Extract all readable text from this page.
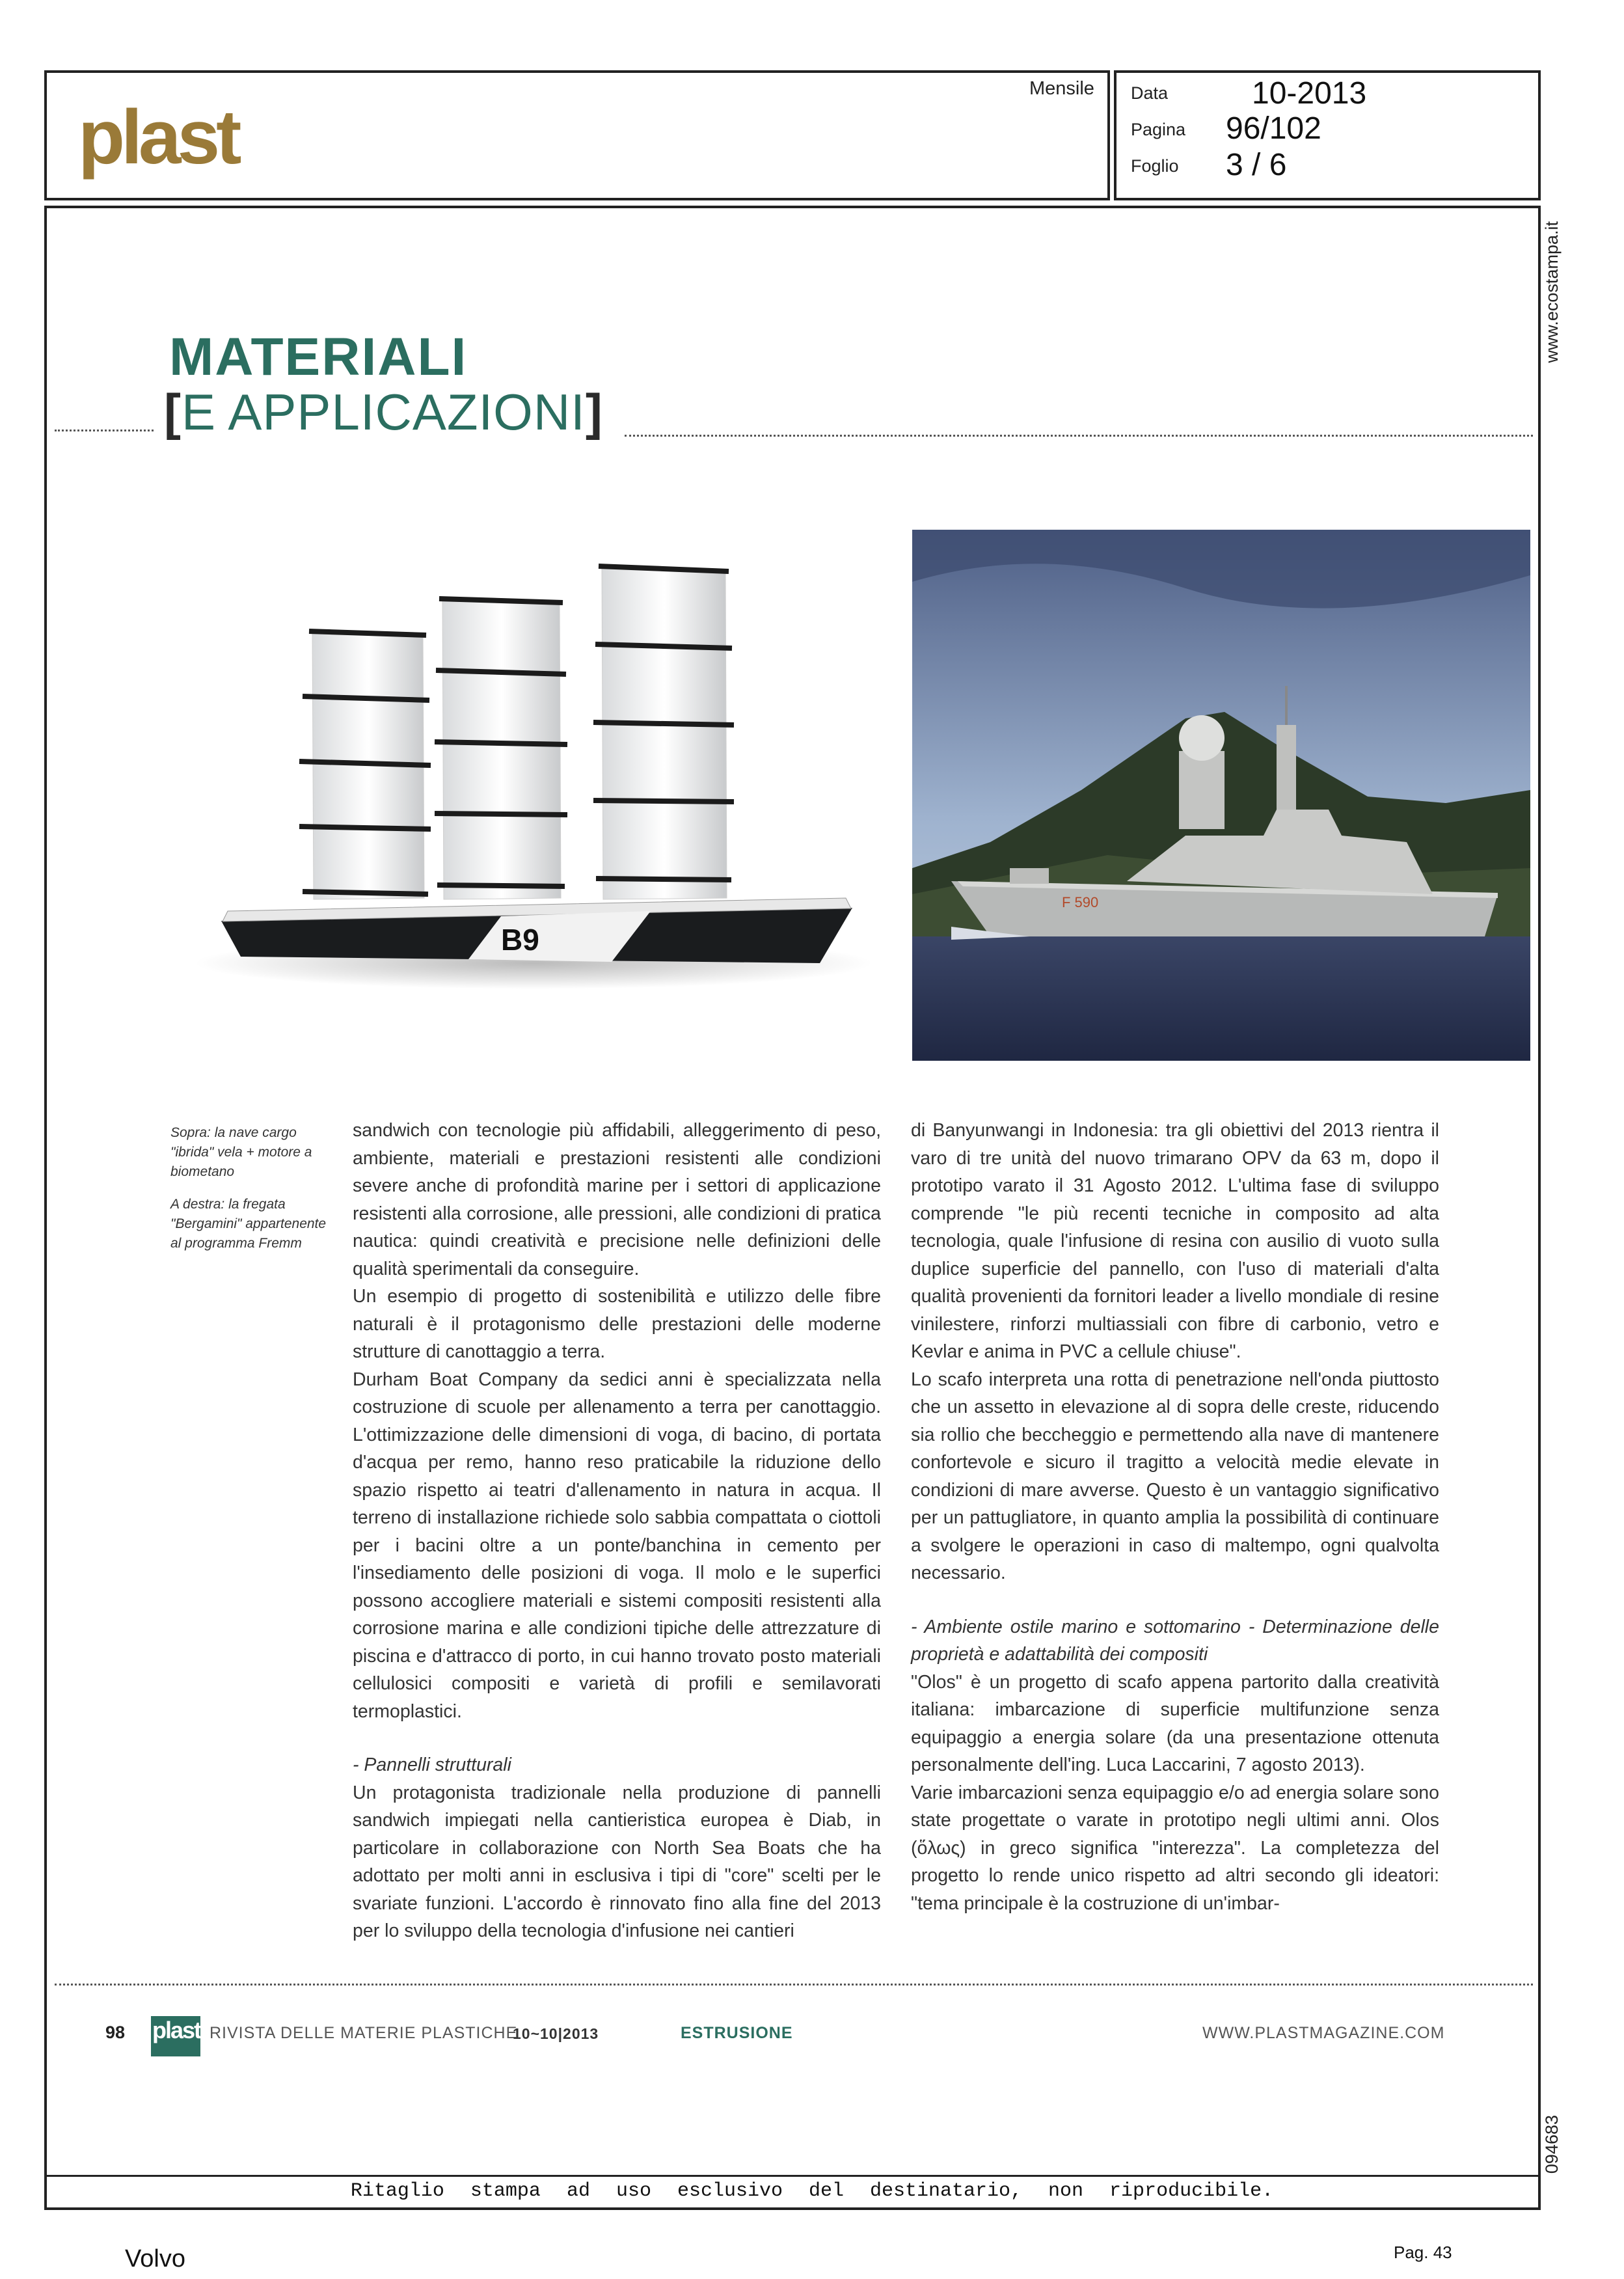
plast
Mensile Data	10-2013
Pagina 96/102
Foglio 3 / 6
www.ecostampa.it
094683
MATERIALI
[E APPLICAZIONI]
B9
F 590

Sopra: la nave cargo "ibrida" vela + motore a biometano

A destra: la fregata "Bergamini" appartenente al programma Fremm

sandwich con tecnologie più affidabili, alleggerimento di peso, ambiente, materiali e prestazioni resistenti alle condizioni severe anche di profondità marine per i settori di applicazione resistenti alla corrosione, alle pressioni, alle condizioni di pratica nautica: quindi creatività e precisione nelle definizioni delle qualità sperimentali da conseguire.

Un esempio di progetto di sostenibilità e utilizzo delle fibre naturali è il protagonismo delle prestazioni delle moderne strutture di canottaggio a terra.

Durham Boat Company da sedici anni è specializzata nella costruzione di scuole per allenamento a terra per canottaggio. L'ottimizzazione delle dimensioni di voga, di bacino, di portata d'acqua per remo, hanno reso praticabile la riduzione dello spazio rispetto ai teatri d'allenamento in natura in acqua. Il terreno di installazione richiede solo sabbia compattata o ciottoli per i bacini oltre a un ponte/banchina in cemento per l'insediamento delle posizioni di voga. Il molo e le superfici possono accogliere materiali e sistemi compositi resistenti alla corrosione marina e alle condizioni tipiche delle attrezzature di piscina e d'attracco di porto, in cui hanno trovato posto materiali cellulosici compositi e varietà di profili e semilavorati termoplastici.

- Pannelli strutturali

Un protagonista tradizionale nella produzione di pannelli sandwich impiegati nella cantieristica europea è Diab, in particolare in collaborazione con North Sea Boats che ha adottato per molti anni in esclusiva i tipi di "core" scelti per le svariate funzioni. L'accordo è rinnovato fino alla fine del 2013 per lo sviluppo della tecnologia d'infusione nei cantieri

di Banyunwangi in Indonesia: tra gli obiettivi del 2013 rientra il varo di tre unità del nuovo trimarano OPV da 63 m, dopo il prototipo varato il 31 Agosto 2012. L'ultima fase di sviluppo comprende "le più recenti tecniche in composito ad alta tecnologia, quale l'infusione di resina con ausilio di vuoto sulla duplice superficie del pannello, con l'uso di materiali d'alta qualità provenienti da fornitori leader a livello mondiale di resine vinilestere, rinforzi multiassiali con fibre di carbonio, vetro e Kevlar e anima in PVC a cellule chiuse".

Lo scafo interpreta una rotta di penetrazione nell'onda piuttosto che un assetto in elevazione al di sopra delle creste, riducendo sia rollio che beccheggio e permettendo alla nave di mantenere confortevole e sicuro il tragitto a velocità medie elevate in condizioni di mare avverse. Questo è un vantaggio significativo per un pattugliatore, in quanto amplia la possibilità di continuare a svolgere le operazioni in caso di maltempo, ogni qualvolta necessario.

- Ambiente ostile marino e sottomarino - Determinazione delle proprietà e adattabilità dei compositi

"Olos" è un progetto di scafo appena partorito dalla creatività italiana: imbarcazione di superficie multifunzione senza equipaggio a energia solare (da una presentazione ottenuta personalmente dell'ing. Luca Laccarini, 7 agosto 2013).

Varie imbarcazioni senza equipaggio e/o ad energia solare sono state progettate o varate in prototipo negli ultimi anni. Olos (ὅλως) in greco significa "interezza". La completezza del progetto lo rende unico rispetto ad altri secondo gli ideatori: "tema principale è la costruzione di un'imbar-

98 plast RIVISTA DELLE MATERIE PLASTICHE
10~10|2013	ESTRUSIONE	WWW.PLASTMAGAZINE.COM
Ritaglio stampa ad uso esclusivo del destinatario, non riproducibile.
Volvo	Pag. 43
